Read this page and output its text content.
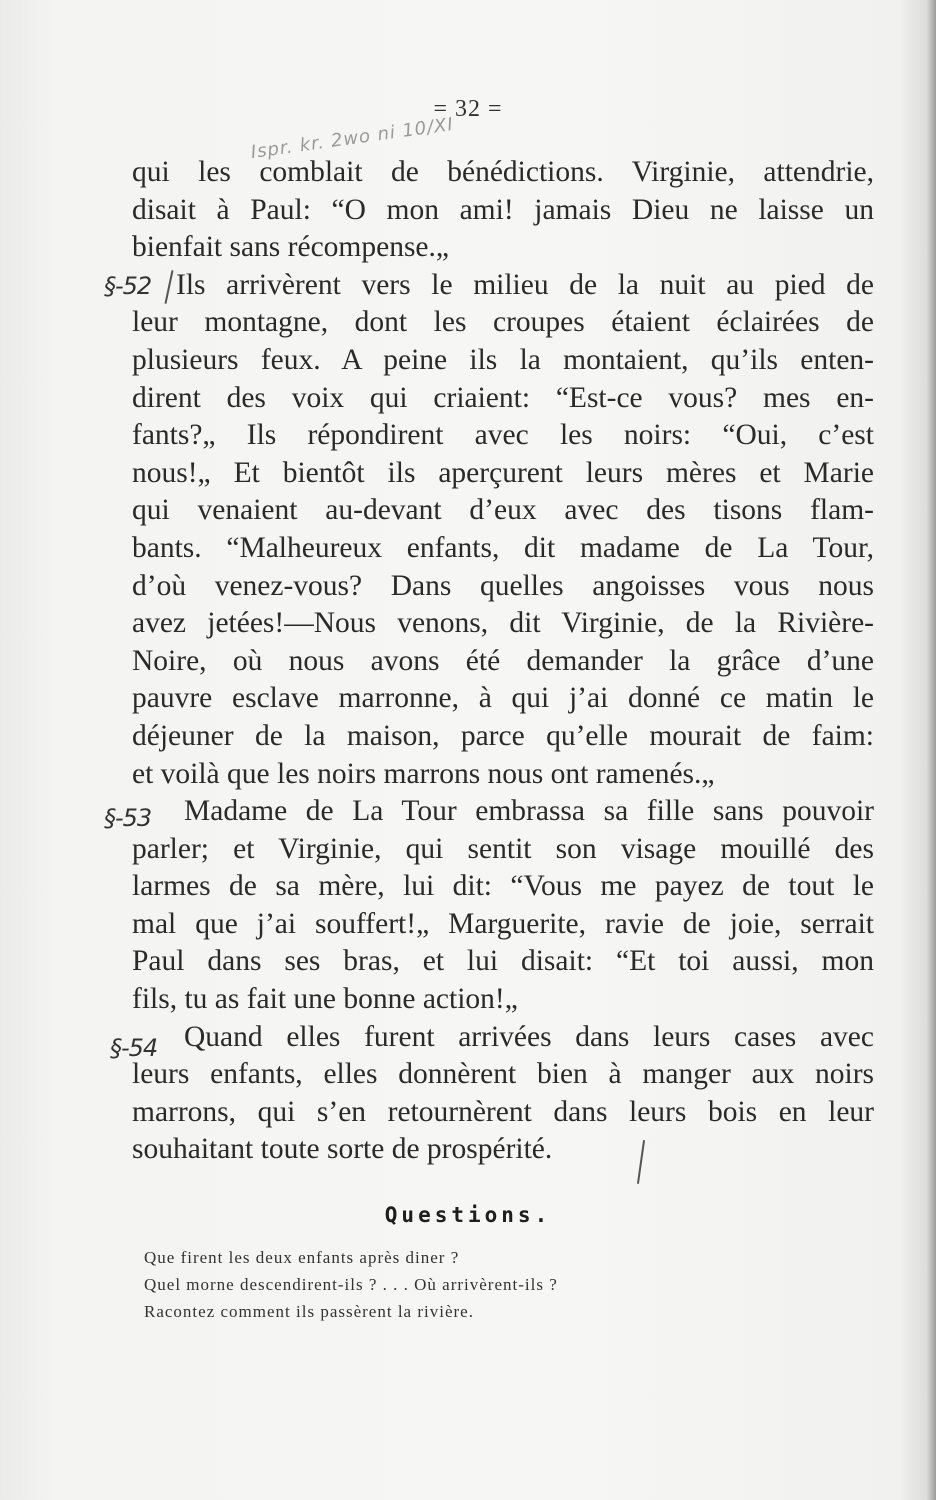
= 32 =
Ispr. kr. 2wo ni 10/XI
qui les comblait de bénédictions. Virginie, attendrie,
disait à Paul: “O mon ami! jamais Dieu ne laisse un
bienfait sans récompense.„
Ils arrivèrent vers le milieu de la nuit au pied de
leur montagne, dont les croupes étaient éclairées de
plusieurs feux. A peine ils la montaient, qu’ils enten-
dirent des voix qui criaient: “Est-ce vous? mes en-
fants?„ Ils répondirent avec les noirs: “Oui, c’est
nous!„ Et bientôt ils aperçurent leurs mères et Marie
qui venaient au-devant d’eux avec des tisons flam-
bants. “Malheureux enfants, dit madame de La Tour,
d’où venez-vous? Dans quelles angoisses vous nous
avez jetées!—Nous venons, dit Virginie, de la Rivière-
Noire, où nous avons été demander la grâce d’une
pauvre esclave marronne, à qui j’ai donné ce matin le
déjeuner de la maison, parce qu’elle mourait de faim:
et voilà que les noirs marrons nous ont ramenés.„
Madame de La Tour embrassa sa fille sans pouvoir
parler; et Virginie, qui sentit son visage mouillé des
larmes de sa mère, lui dit: “Vous me payez de tout le
mal que j’ai souffert!„ Marguerite, ravie de joie, serrait
Paul dans ses bras, et lui disait: “Et toi aussi, mon
fils, tu as fait une bonne action!„
Quand elles furent arrivées dans leurs cases avec
leurs enfants, elles donnèrent bien à manger aux noirs
marrons, qui s’en retournèrent dans leurs bois en leur
souhaitant toute sorte de prospérité.
§-52
§-53
§-54
Questions.
Que firent les deux enfants après diner ?
Quel morne descendirent-ils ? . . . Où arrivèrent-ils ?
Racontez comment ils passèrent la rivière.
